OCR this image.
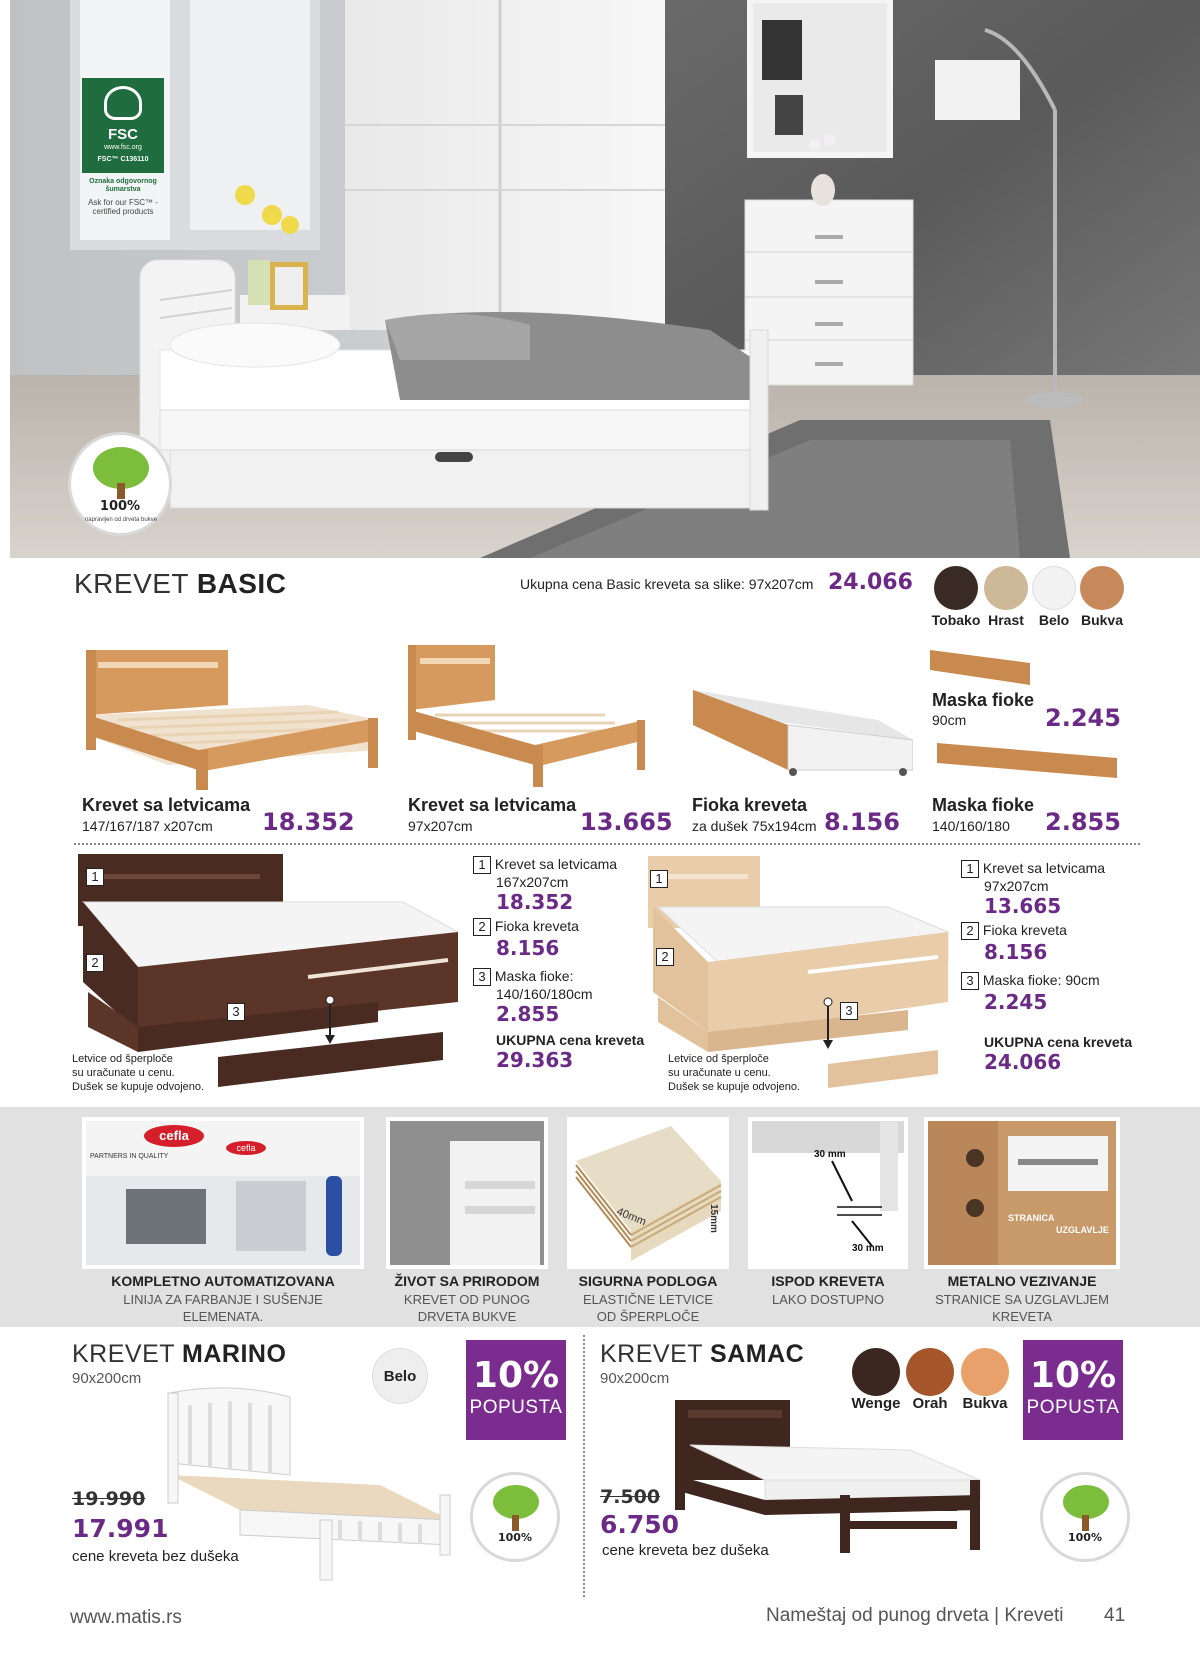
FSC
www.fsc.org
FSC™ C136110
Oznaka odgovornog šumarstva
Ask for our FSC™ -certified products
100%
napravljen od drveta bukve
KREVET BASIC	Ukupna cena Basic kreveta sa slike: 97x207cm 24.066
Tobako Hrast	Belo Bukva
Krevet sa letvicama
147/167/187 x207cm 18.352
Krevet sa letvicama
97x207cm	13.665
Fioka kreveta
za dušek 75x194cm 8.156
Maska fioke
90cm	2.245
Maska fioke
140/160/180 2.855
1
2
3
Letvice od šperploče
su uračunate u cenu.
Dušek se kupuje odvojeno.
1 Krevet sa letvicama
167x207cm
18.352
2 Fioka kreveta
8.156
3 Maska fioke:
140/160/180cm
2.855
UKUPNA cena kreveta
29.363
1
2
3
Letvice od šperploče
su uračunate u cenu.
Dušek se kupuje odvojeno.
1 Krevet sa letvicama
97x207cm
13.665
2 Fioka kreveta
8.156
3 Maska fioke: 90cm
2.245
UKUPNA cena kreveta
24.066
cefla
PARTNERS IN QUALITY
cefla
KOMPLETNO AUTOMATIZOVANA
LINIJA ZA FARBANJE I SUŠENJE ELEMENATA.
ŽIVOT SA PRIRODOM
KREVET OD PUNOG
DRVETA BUKVE
40mm	15mm
SIGURNA PODLOGA
ELASTIČNE LETVICE
OD ŠPERPLOČE
30 mm
30 mm
ISPOD KREVETA
LAKO DOSTUPNO
STRANICA
UZGLAVLJE
METALNO VEZIVANJE
STRANICE SA UZGLAVLJEM
KREVETA
KREVET MARINO
90x200cm	Belo 10%
POPUSTA
19.990
17.991
cene kreveta bez dušeka
100%
KREVET SAMAC
90x200cm
Wenge Orah Bukva
10%
POPUSTA
7.500
6.750
cene kreveta bez dušeka
100%
www.matis.rs	Nameštaj od punog drveta | Kreveti 41
